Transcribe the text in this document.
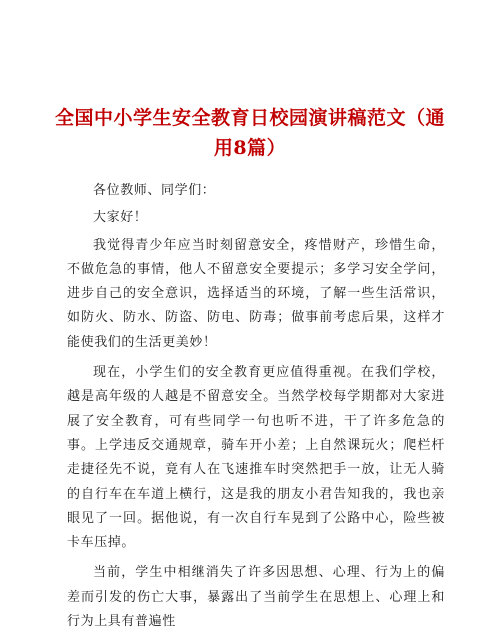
全国中小学生安全教育日校园演讲稿范文（通用8篇）

各位教师、同学们：

大家好！

我觉得青少年应当时刻留意安全，疼惜财产，珍惜生命，不做危急的事情，他人不留意安全要提示；多学习安全学问，进步自己的安全意识，选择适当的环境，了解一些生活常识，如防火、防水、防盗、防电、防毒；做事前考虑后果，这样才能使我们的生活更美妙！

现在，小学生们的安全教育更应值得重视。在我们学校，越是高年级的人越是不留意安全。当然学校每学期都对大家进展了安全教育，可有些同学一句也听不进，干了许多危急的事。上学违反交通规章，骑车开小差；上自然课玩火；爬栏杆走捷径先不说，竟有人在飞速推车时突然把手一放，让无人骑的自行车在车道上横行，这是我的朋友小君告知我的，我也亲眼见了一回。据他说，有一次自行车晃到了公路中心，险些被卡车压掉。

当前，学生中相继消失了许多因思想、心理、行为上的偏差而引发的伤亡大事，暴露出了当前学生在思想上、心理上和行为上具有普遍性
